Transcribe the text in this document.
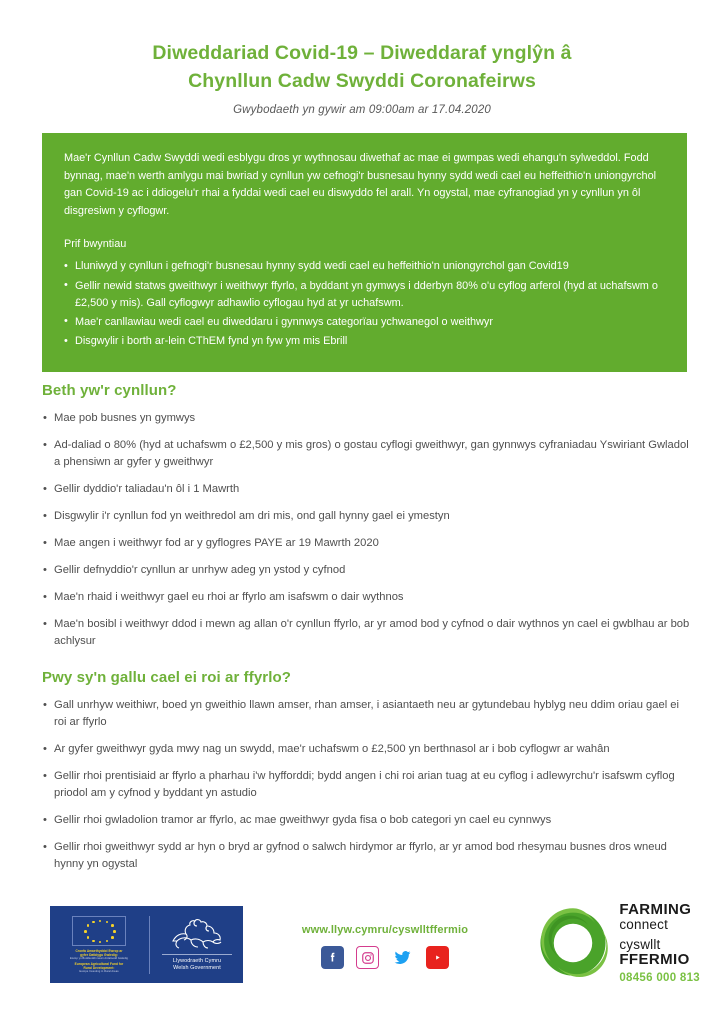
Diweddariad Covid-19 – Diweddaraf ynglŷn â
Chynllun Cadw Swyddi Coronafeirws
Gwybodaeth yn gywir am 09:00am ar 17.04.2020

Mae'r Cynllun Cadw Swyddi wedi esblygu dros yr wythnosau diwethaf ac mae ei gwmpas wedi ehangu'n sylweddol. Fodd bynnag, mae'n werth amlygu mai bwriad y cynllun yw cefnogi'r busnesau hynny sydd wedi cael eu heffeithio'n uniongyrchol gan Covid-19 ac i ddiogelu'r rhai a fyddai wedi cael eu diswyddo fel arall. Yn ogystal, mae cyfranogiad yn y cynllun yn ôl disgresiwn y cyflogwr.

Prif bwyntiau

• Lluniwyd y cynllun i gefnogi'r busnesau hynny sydd wedi cael eu heffeithio'n uniongyrchol gan Covid19
• Gellir newid statws gweithwyr i weithwyr ffyrlo, a byddant yn gymwys i dderbyn 80% o'u cyflog arferol (hyd at uchafswm o £2,500 y mis). Gall cyflogwyr adhawlio cyflogau hyd at yr uchafswm.
• Mae'r canllawiau wedi cael eu diweddaru i gynnwys categorïau ychwanegol o weithwyr
• Disgwylir i borth ar-lein CThEM fynd yn fyw ym mis Ebrill
Beth yw'r cynllun?
• Mae pob busnes yn gymwys
• Ad-daliad o 80% (hyd at uchafswm o £2,500 y mis gros) o gostau cyflogi gweithwyr, gan gynnwys cyfraniadau Yswiriant Gwladol a phensiwn ar gyfer y gweithwyr
• Gellir dyddio'r taliadau'n ôl i 1 Mawrth
• Disgwylir i'r cynllun fod yn weithredol am dri mis, ond gall hynny gael ei ymestyn
• Mae angen i weithwyr fod ar y gyflogres PAYE ar 19 Mawrth 2020
• Gellir defnyddio'r cynllun ar unrhyw adeg yn ystod y cyfnod
• Mae'n rhaid i weithwyr gael eu rhoi ar ffyrlo am isafswm o dair wythnos
• Mae'n bosibl i weithwyr ddod i mewn ag allan o'r cynllun ffyrlo, ar yr amod bod y cyfnod o dair wythnos yn cael ei gwblhau ar bob achlysur
Pwy sy'n gallu cael ei roi ar ffyrlo?
• Gall unrhyw weithiwr, boed yn gweithio llawn amser, rhan amser, i asiantaeth neu ar gytundebau hyblyg neu ddim oriau gael ei roi ar ffyrlo
• Ar gyfer gweithwyr gyda mwy nag un swydd, mae'r uchafswm o £2,500 yn berthnasol ar i bob cyflogwr ar wahân
• Gellir rhoi prentisiaid ar ffyrlo a pharhau i'w hyfforddi; bydd angen i chi roi arian tuag at eu cyflog i adlewyrchu'r isafswm cyflog priodol am y cyfnod y byddant yn astudio
• Gellir rhoi gwladolion tramor ar ffyrlo, ac mae gweithwyr gyda fisa o bob categori yn cael eu cynnwys
• Gellir rhoi gweithwyr sydd ar hyn o bryd ar gyfnod o salwch hirdymor ar ffyrlo, ar yr amod bod rhesymau busnes dros wneud hynny yn ogystal
Cronfa Amaethyddol Ewrop ar
gyfer Datblygu Gwledig:
Ewrop yn Buddsoddi mewn Ardaloedd Gwledig
European Agricultural Fund for
Rural Development:
Europe Investing in Rural Areas
Llywodraeth Cymru
Welsh Government
www.llyw.cymru/cyswlltffermio
FARMING
connect
cyswllt
FFERMIO
08456 000 813
